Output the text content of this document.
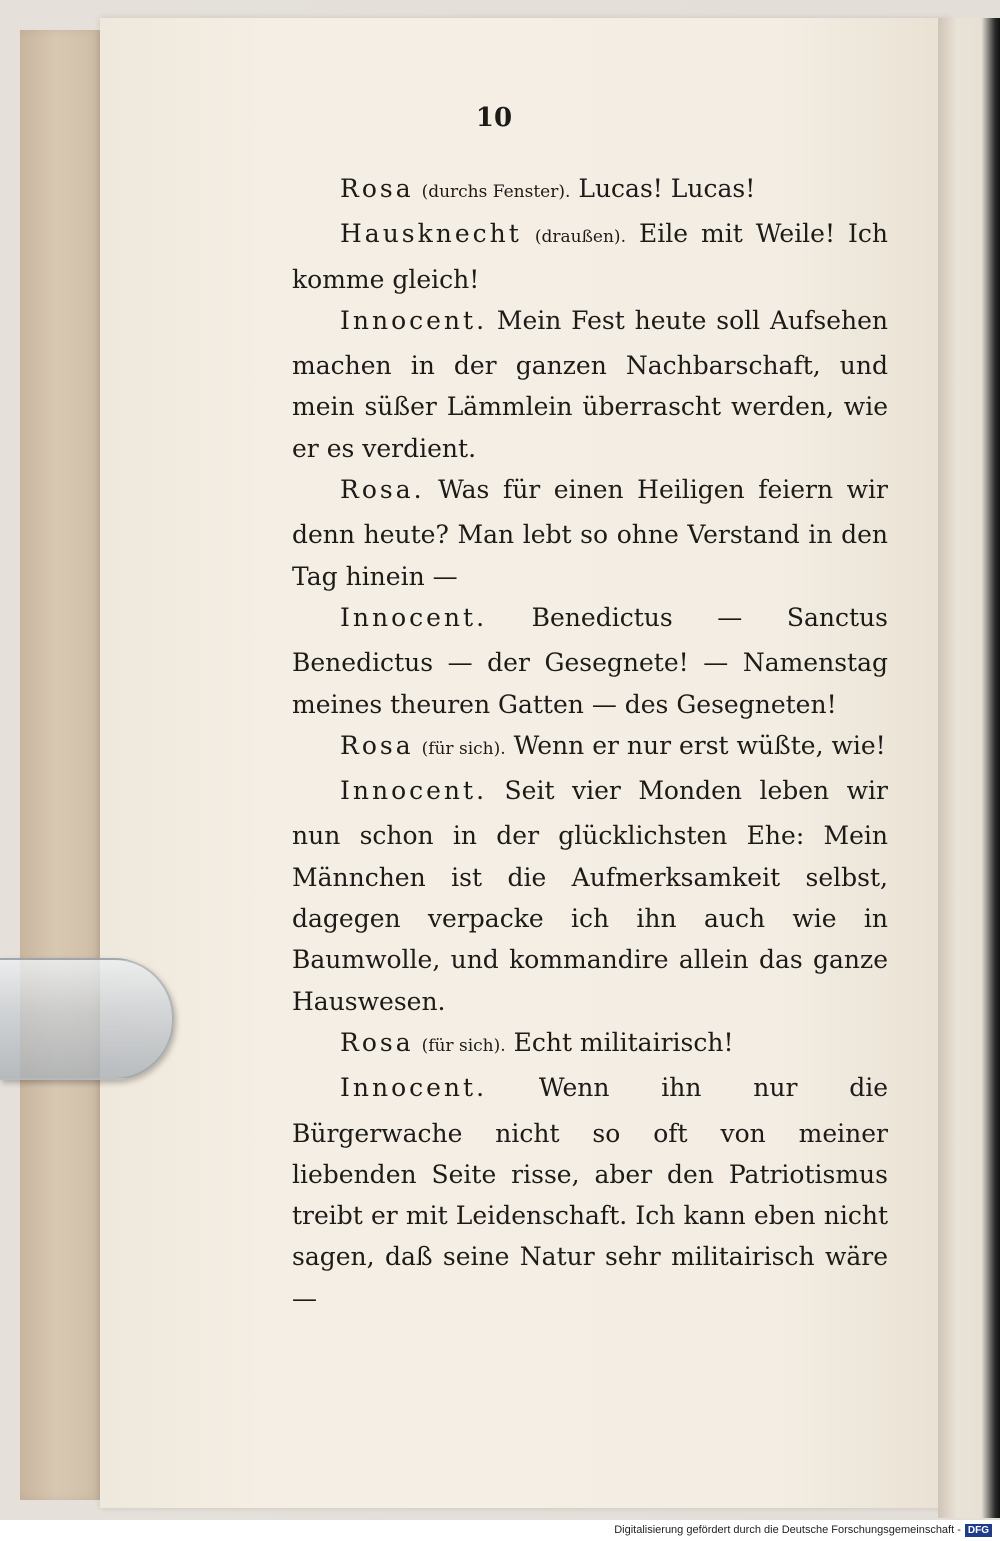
10

Rosa (durchs Fenster). Lucas! Lucas!

Hausknecht (draußen). Eile mit Weile! Ich komme gleich!

Innocent. Mein Fest heute soll Aufsehen machen in der ganzen Nachbarschaft, und mein süßer Lämmlein überrascht werden, wie er es verdient.

Rosa. Was für einen Heiligen feiern wir denn heute? Man lebt so ohne Verstand in den Tag hinein —

Innocent. Benedictus — Sanctus Benedictus — der Gesegnete! — Namenstag meines theuren Gatten — des Gesegneten!

Rosa (für sich). Wenn er nur erst wüßte, wie!

Innocent. Seit vier Monden leben wir nun schon in der glücklichsten Ehe: Mein Männchen ist die Aufmerksamkeit selbst, dagegen verpacke ich ihn auch wie in Baumwolle, und kommandire allein das ganze Hauswesen.

Rosa (für sich). Echt militairisch!

Innocent. Wenn ihn nur die Bürgerwache nicht so oft von meiner liebenden Seite risse, aber den Patriotismus treibt er mit Leidenschaft. Ich kann eben nicht sagen, daß seine Natur sehr militairisch wäre —

Digitalisierung gefördert durch die Deutsche Forschungsgemeinschaft - DFG
